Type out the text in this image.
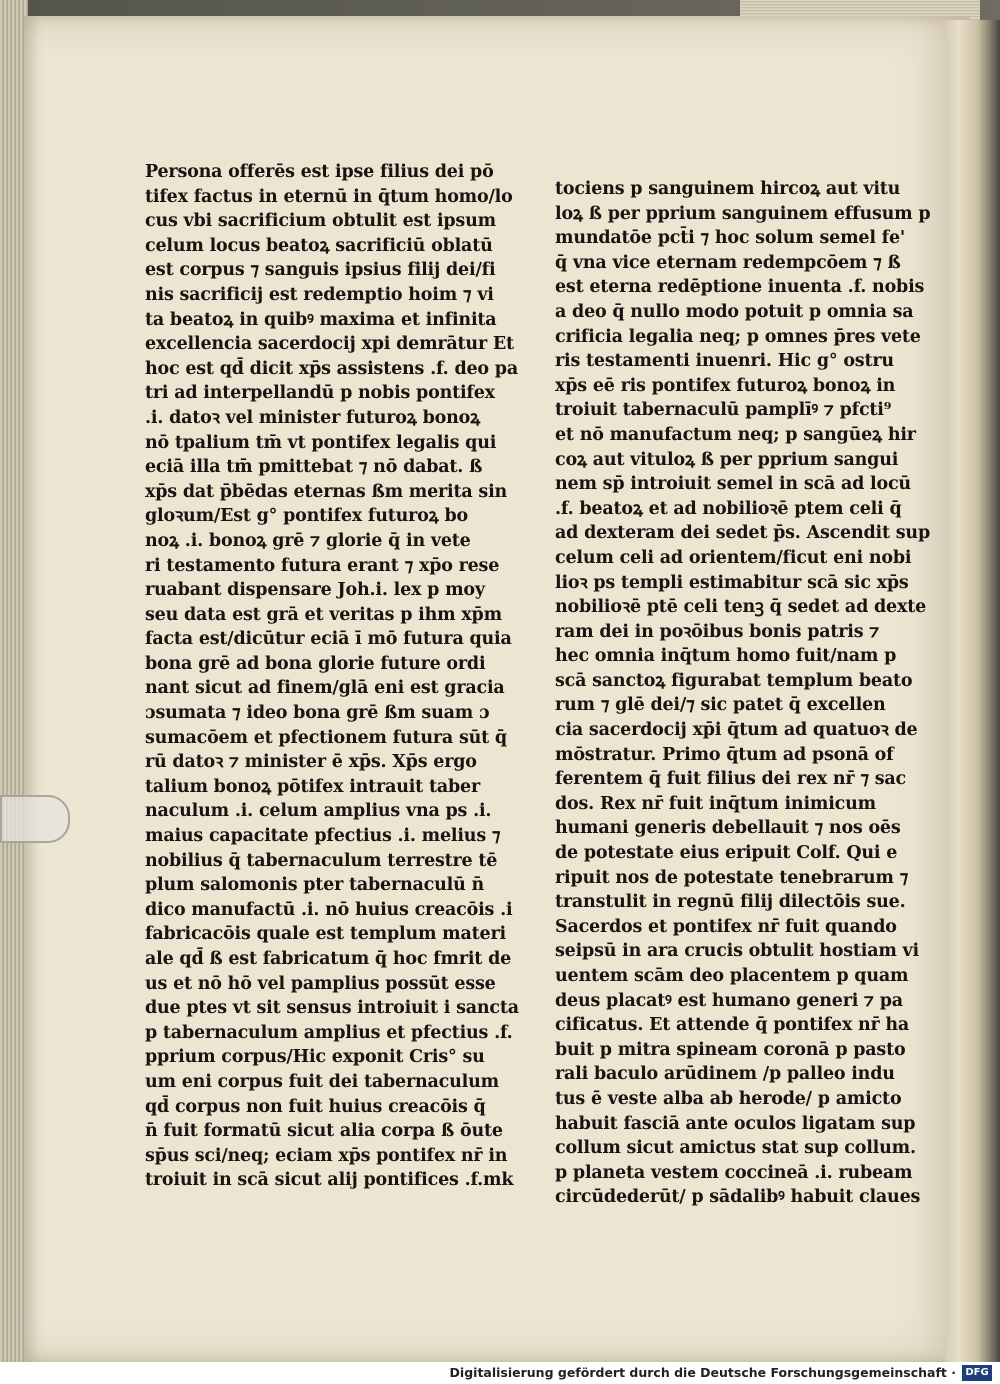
Persona offerēs est ipse filius dei pō
tifex factus in eternū in q̄tum homo/lo
cus vbi sacrificium obtulit est ipsum
celum locus beatoꝝ sacrificiū oblatū
est corpus ⁊ sanguis ipsius filij dei/fi
nis sacrificij est redemptio hoim ⁊ vi
ta beatoꝝ in quibꝰ maxima et infinita
excellencia sacerdocij xpi demrātur Et
hoc est qd̄ dicit xp̄s assistens .f. deo pa
tri ad interpellandū p nobis pontifex
.i. datoꝛ vel minister futuroꝝ bonoꝝ
nō tpalium tm̄ vt pontifex legalis qui
eciā illa tm̄ pmittebat ⁊ nō dabat. ß
xp̄s dat p̄bēdas eternas ßm merita sin
gloꝛum/Est g° pontifex futuroꝝ bo
noꝝ .i. bonoꝝ grē ⁊ glorie q̄ in vete
ri testamento futura erant ⁊ xp̄o rese
ruabant dispensare Joh.i. lex p moy
seu data est grā et veritas p ihm xp̄m
facta est/dicūtur eciā ī mō futura quia
bona grē ad bona glorie future ordi
nant sicut ad finem/glā eni est gracia
ɔsumata ⁊ ideo bona grē ßm suam ɔ
sumacōem et pfectionem futura sūt q̄
rū datoꝛ ⁊ minister ē xp̄s. Xp̄s ergo
talium bonoꝝ pōtifex intrauit taber
naculum .i. celum amplius vna ps .i.
maius capacitate pfectius .i. melius ⁊
nobilius q̄ tabernaculum terrestre tē
plum salomonis pter tabernaculū n̄
dico manufactū .i. nō huius creacōis .i
fabricacōis quale est templum materi
ale qd̄ ß est fabricatum q̄ hoc fmrit de
us et nō hō vel pamplius possūt esse
due ptes vt sit sensus introiuit i sancta
p tabernaculum amplius et pfectius .f.
pprium corpus/Hic exponit Cris° su
um eni corpus fuit dei tabernaculum
qd̄ corpus non fuit huius creacōis q̄
n̄ fuit formatū sicut alia corpa ß ōute
sp̄us sci/neq; eciam xp̄s pontifex nr̄ in
troiuit in scā sicut alij pontifices .f.mk
tociens p sanguinem hircoꝝ aut vitu
loꝝ ß per pprium sanguinem effusum p
mundatōe pct̄i ⁊ hoc solum semel fe'
q̄ vna vice eternam redempcōem ⁊ ß
est eterna redēptione inuenta .f. nobis
a deo q̄ nullo modo potuit p omnia sa
crificia legalia neq; p omnes p̄res vete
ris testamenti inuenri. Hic g° ostru
xp̄s eē ris pontifex futuroꝝ bonoꝝ in
troiuit tabernaculū pamplīꝰ ⁊ pfcti⁹
et nō manufactum neq; p sangūeꝝ hir
coꝝ aut vituloꝝ ß per pprium sangui
nem sp̄ introiuit semel in scā ad locū
.f. beatoꝝ et ad nobilioꝛē ptem celi q̄
ad dexteram dei sedet p̄s. Ascendit sup
celum celi ad orientem/ficut eni nobi
lioꝛ ps templi estimabitur scā sic xp̄s
nobilioꝛē ptē celi tenꝫ q̄ sedet ad dexte
ram dei in poꝛōibus bonis patris ⁊
hec omnia inq̄tum homo fuit/nam p
scā sanctoꝝ figurabat templum beato
rum ⁊ glē dei/⁊ sic patet q̄ excellen
cia sacerdocij xp̄i q̄tum ad quatuoꝛ de
mōstratur. Primo q̄tum ad psonā of
ferentem q̄ fuit filius dei rex nr̄ ⁊ sac
dos. Rex nr̄ fuit inq̄tum inimicum
humani generis debellauit ⁊ nos oēs
de potestate eius eripuit Colf. Qui e
ripuit nos de potestate tenebrarum ⁊
transtulit in regnū filij dilectōis sue.
Sacerdos et pontifex nr̄ fuit quando
seipsū in ara crucis obtulit hostiam vi
uentem scām deo placentem p quam
deus placatꝰ est humano generi ⁊ pa
cificatus. Et attende q̄ pontifex nr̄ ha
buit p mitra spineam coronā p pasto
rali baculo arūdinem /p palleo indu
tus ē veste alba ab herode/ p amicto
habuit fasciā ante oculos ligatam sup
collum sicut amictus stat sup collum.
p planeta vestem coccineā .i. rubeam
circūdederūt/ p sādalibꝰ habuit claues
Digitalisierung gefördert durch die Deutsche Forschungsgemeinschaft · DFG
